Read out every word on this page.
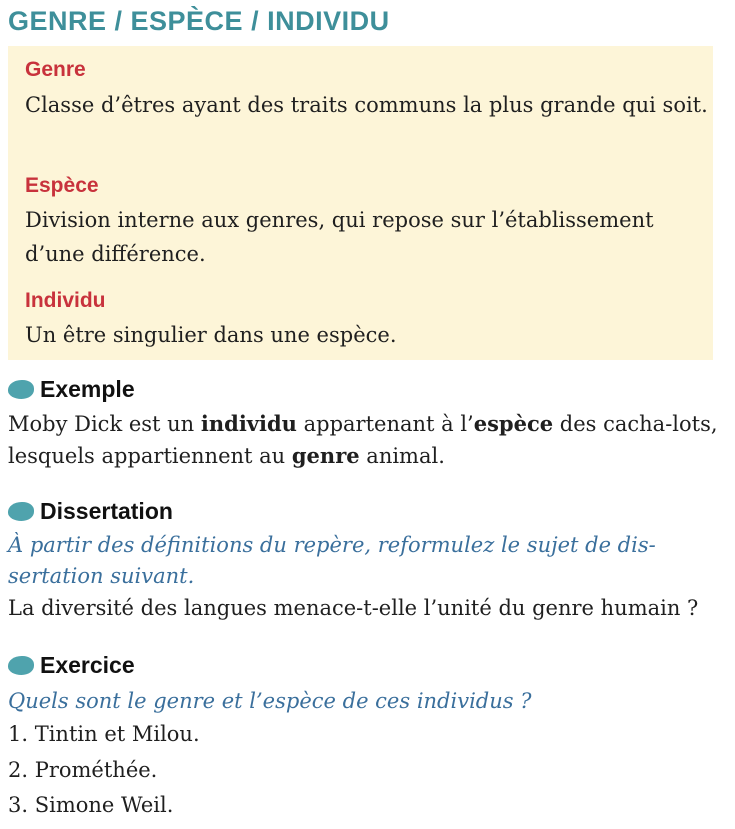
GENRE / ESPÈCE / INDIVIDU
Genre
Classe d’êtres ayant des traits communs la plus grande qui soit.
Espèce
Division interne aux genres, qui repose sur l’établissement d’une différence.
Individu
Un être singulier dans une espèce.
Exemple
Moby Dick est un individu appartenant à l’espèce des cacha-lots, lesquels appartiennent au genre animal.
Dissertation
À partir des définitions du repère, reformulez le sujet de dis-sertation suivant.
La diversité des langues menace-t-elle l’unité du genre humain ?
Exercice
Quels sont le genre et l’espèce de ces individus ?
1. Tintin et Milou.
2. Prométhée.
3. Simone Weil.
